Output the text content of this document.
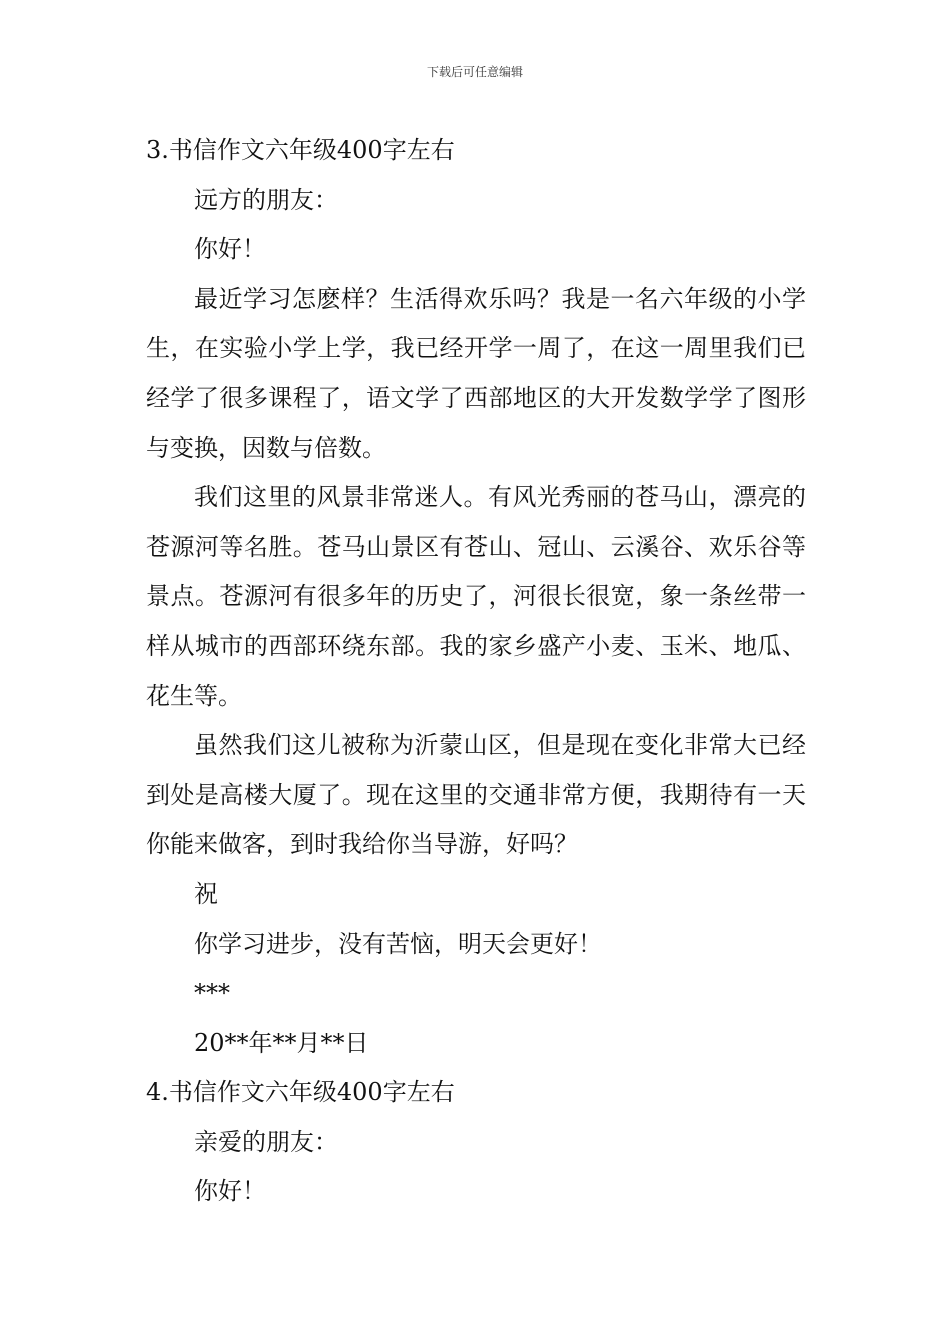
下载后可任意编辑

3.书信作文六年级400字左右

远方的朋友：

你好！

最近学习怎麽样？生活得欢乐吗？我是一名六年级的小学生，在实验小学上学，我已经开学一周了，在这一周里我们已经学了很多课程了，语文学了西部地区的大开发数学学了图形与变换，因数与倍数。

我们这里的风景非常迷人。有风光秀丽的苍马山，漂亮的苍源河等名胜。苍马山景区有苍山、冠山、云溪谷、欢乐谷等景点。苍源河有很多年的历史了，河很长很宽，象一条丝带一样从城市的西部环绕东部。我的家乡盛产小麦、玉米、地瓜、花生等。

虽然我们这儿被称为沂蒙山区，但是现在变化非常大已经到处是高楼大厦了。现在这里的交通非常方便，我期待有一天你能来做客，到时我给你当导游，好吗？

祝

你学习进步，没有苦恼，明天会更好！

***

20**年**月**日

4.书信作文六年级400字左右

亲爱的朋友：

你好！
